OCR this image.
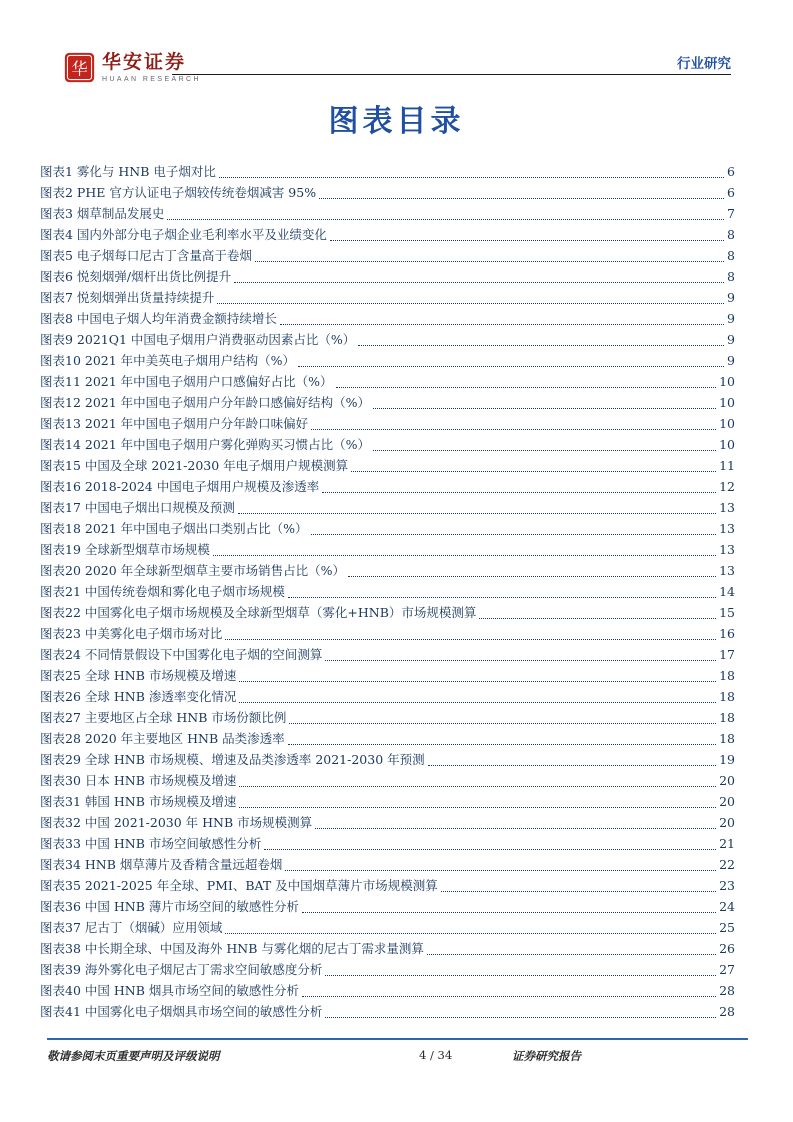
华 华安证券
HUAAN RESEARCH
行业研究
图表目录
图表1 雾化与 HNB 电子烟对比	6
图表2 PHE 官方认证电子烟较传统卷烟减害 95%	6
图表3 烟草制品发展史	7
图表4 国内外部分电子烟企业毛利率水平及业绩变化	8
图表5 电子烟每口尼古丁含量高于卷烟	8
图表6 悦刻烟弹/烟杆出货比例提升	8
图表7 悦刻烟弹出货量持续提升	9
图表8 中国电子烟人均年消费金额持续增长	9
图表9 2021Q1 中国电子烟用户消费驱动因素占比（%）	9
图表10 2021 年中美英电子烟用户结构（%）	9
图表11 2021 年中国电子烟用户口感偏好占比（%）	10
图表12 2021 年中国电子烟用户分年龄口感偏好结构（%）	10
图表13 2021 年中国电子烟用户分年龄口味偏好	10
图表14 2021 年中国电子烟用户雾化弹购买习惯占比（%）	10
图表15 中国及全球 2021-2030 年电子烟用户规模测算	11
图表16 2018-2024 中国电子烟用户规模及渗透率	12
图表17 中国电子烟出口规模及预测	13
图表18 2021 年中国电子烟出口类别占比（%）	13
图表19 全球新型烟草市场规模	13
图表20 2020 年全球新型烟草主要市场销售占比（%）	13
图表21 中国传统卷烟和雾化电子烟市场规模	14
图表22 中国雾化电子烟市场规模及全球新型烟草（雾化+HNB）市场规模测算	15
图表23 中美雾化电子烟市场对比	16
图表24 不同情景假设下中国雾化电子烟的空间测算	17
图表25 全球 HNB 市场规模及增速	18
图表26 全球 HNB 渗透率变化情况	18
图表27 主要地区占全球 HNB 市场份额比例	18
图表28 2020 年主要地区 HNB 品类渗透率	18
图表29 全球 HNB 市场规模、增速及品类渗透率 2021-2030 年预测	19
图表30 日本 HNB 市场规模及增速	20
图表31 韩国 HNB 市场规模及增速	20
图表32 中国 2021-2030 年 HNB 市场规模测算	20
图表33 中国 HNB 市场空间敏感性分析	21
图表34 HNB 烟草薄片及香精含量远超卷烟	22
图表35 2021-2025 年全球、PMI、BAT 及中国烟草薄片市场规模测算	23
图表36 中国 HNB 薄片市场空间的敏感性分析	24
图表37 尼古丁（烟碱）应用领域	25
图表38 中长期全球、中国及海外 HNB 与雾化烟的尼古丁需求量测算	26
图表39 海外雾化电子烟尼古丁需求空间敏感度分析	27
图表40 中国 HNB 烟具市场空间的敏感性分析	28
图表41 中国雾化电子烟烟具市场空间的敏感性分析	28
敬请参阅末页重要声明及评级说明	4 / 34	证券研究报告
